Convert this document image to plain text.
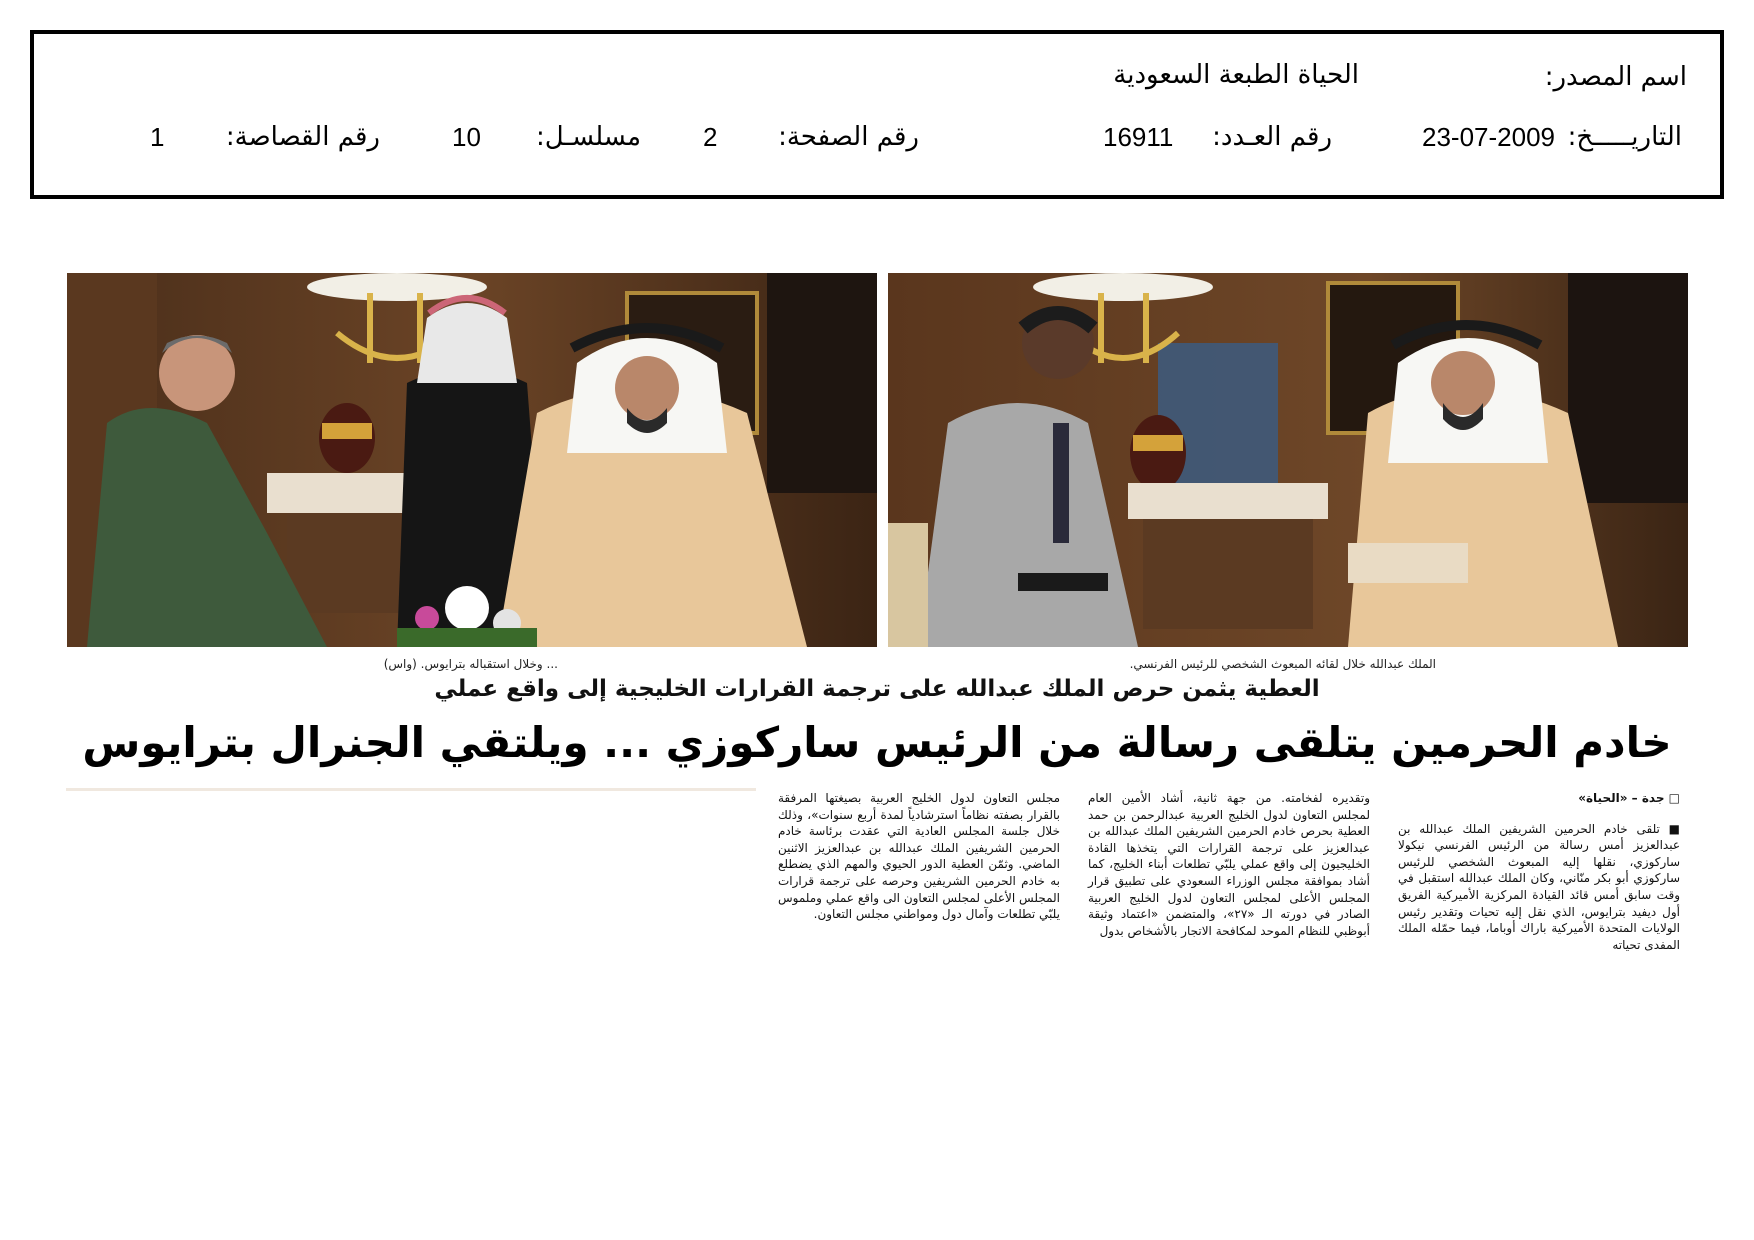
اسم المصدر:
الحياة الطبعة السعودية
التاريـــــخ:
23-07-2009
رقم العـدد:
16911
رقم الصفحة:
2
مسلسـل:
10
رقم القصاصة:
1
... وخلال استقباله بترايوس. (واس)	الملك عبدالله خلال لقائه المبعوث الشخصي للرئيس الفرنسي.
العطية يثمن حرص الملك عبدالله على ترجمة القرارات الخليجية إلى واقع عملي
خادم الحرمين يتلقى رسالة من الرئيس ساركوزي ... ويلتقي الجنرال بترايوس

□ جدة – «الحياة»

■ تلقى خادم الحرمين الشريفين الملك عبدالله بن عبدالعزيز أمس رسالة من الرئيس الفرنسي نيكولا ساركوزي، نقلها إليه المبعوث الشخصي للرئيس ساركوزي أبو بكر منّاني، وكان الملك عبدالله استقبل في وقت سابق أمس قائد القيادة المركزية الأميركية الفريق أول ديفيد بترايوس، الذي نقل إليه تحيات وتقدير رئيس الولايات المتحدة الأميركية باراك أوباما، فيما حمّله الملك المفدى تحياته

وتقديره لفخامته. من جهة ثانية، أشاد الأمين العام لمجلس التعاون لدول الخليج العربية عبدالرحمن بن حمد العطية بحرص خادم الحرمين الشريفين الملك عبدالله بن عبدالعزيز على ترجمة القرارات التي يتخذها القادة الخليجيون إلى واقع عملي يلبّي تطلعات أبناء الخليج، كما أشاد بموافقة مجلس الوزراء السعودي على تطبيق قرار المجلس الأعلى لمجلس التعاون لدول الخليج العربية الصادر في دورته الـ «٢٧»، والمتضمن «اعتماد وثيقة أبوظبي للنظام الموحد لمكافحة الاتجار بالأشخاص بدول

مجلس التعاون لدول الخليج العربية بصيغتها المرفقة بالقرار بصفته نظاماً استرشادياً لمدة أربع سنوات»، وذلك خلال جلسة المجلس العادية التي عقدت برئاسة خادم الحرمين الشريفين الملك عبدالله بن عبدالعزيز الاثنين الماضي. وثمّن العطية الدور الحيوي والمهم الذي يضطلع به خادم الحرمين الشريفين وحرصه على ترجمة قرارات المجلس الأعلى لمجلس التعاون الى واقع عملي وملموس يلبّي تطلعات وآمال دول ومواطني مجلس التعاون.
